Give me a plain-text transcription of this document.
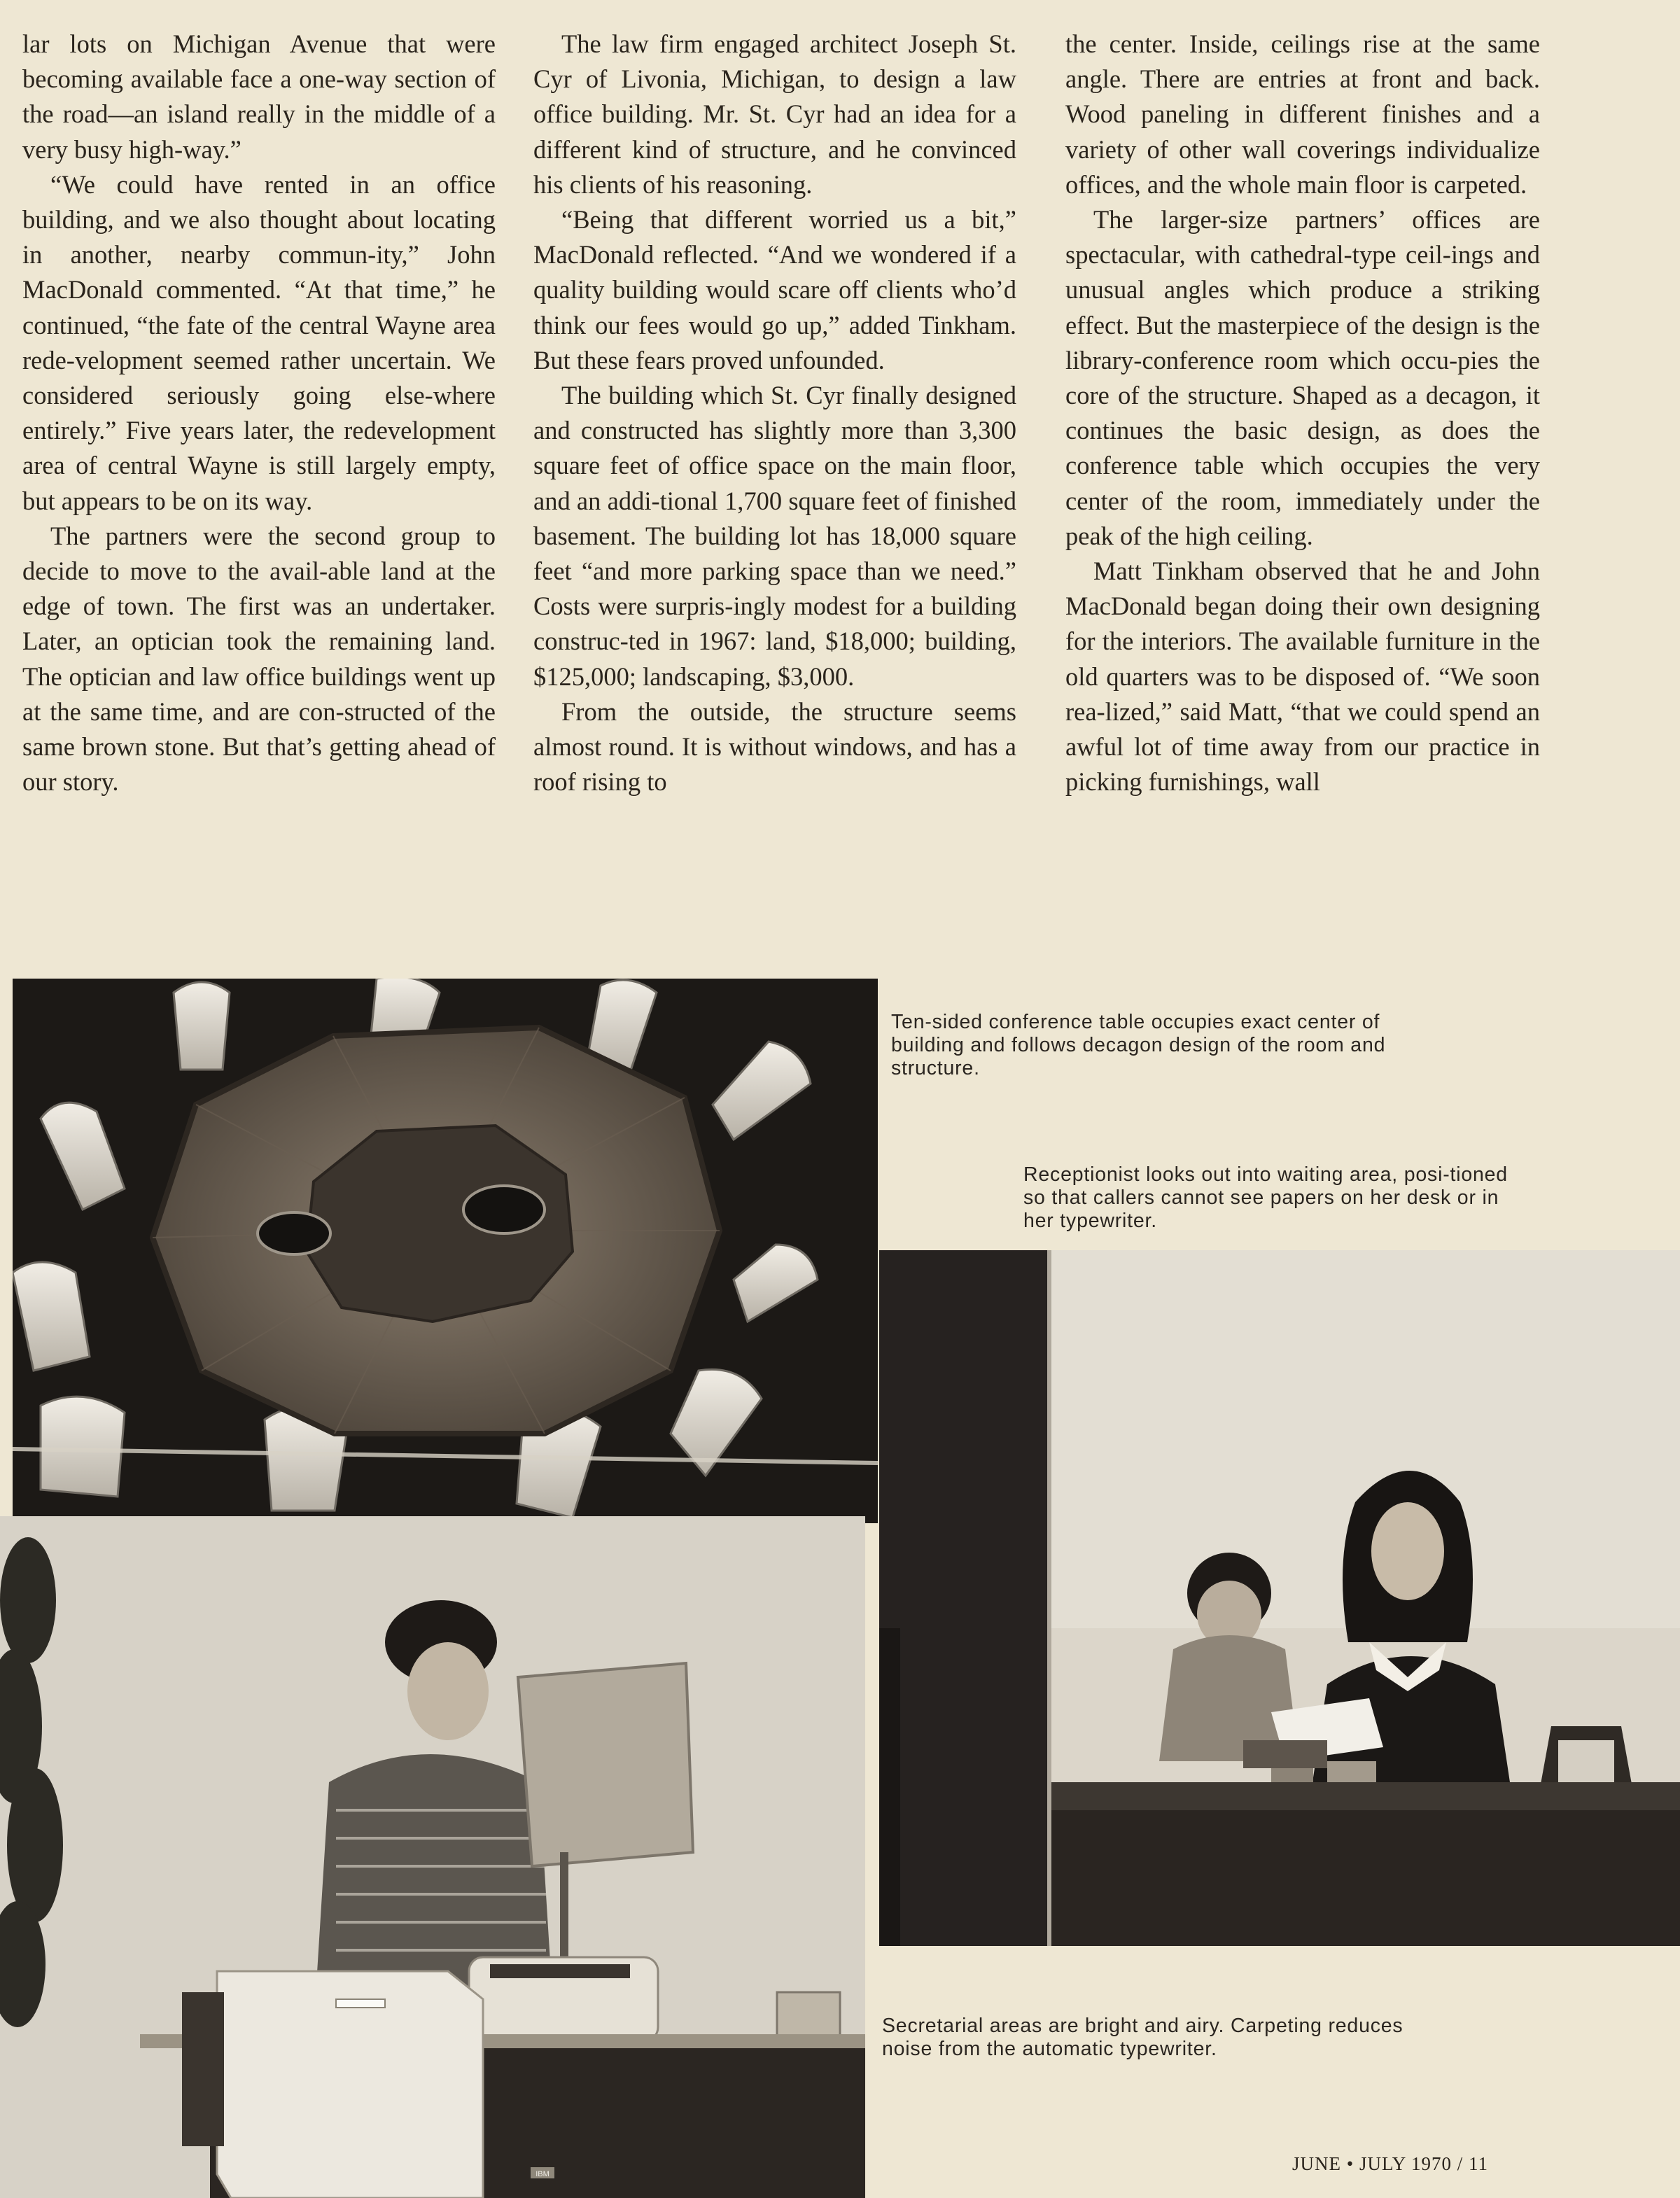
lar lots on Michigan Avenue that were becoming available face a one-way section of the road—an island really in the middle of a very busy high-way.”

“We could have rented in an office building, and we also thought about locating in another, nearby commun-ity,” John MacDonald commented. “At that time,” he continued, “the fate of the central Wayne area rede-velopment seemed rather uncertain. We considered seriously going else-where entirely.” Five years later, the redevelopment area of central Wayne is still largely empty, but appears to be on its way.

The partners were the second group to decide to move to the avail-able land at the edge of town. The first was an undertaker. Later, an optician took the remaining land. The optician and law office buildings went up at the same time, and are con-structed of the same brown stone. But that’s getting ahead of our story.

The law firm engaged architect Joseph St. Cyr of Livonia, Michigan, to design a law office building. Mr. St. Cyr had an idea for a different kind of structure, and he convinced his clients of his reasoning.

“Being that different worried us a bit,” MacDonald reflected. “And we wondered if a quality building would scare off clients who’d think our fees would go up,” added Tinkham. But these fears proved unfounded.

The building which St. Cyr finally designed and constructed has slightly more than 3,300 square feet of office space on the main floor, and an addi-tional 1,700 square feet of finished basement. The building lot has 18,000 square feet “and more parking space than we need.” Costs were surpris-ingly modest for a building construc-ted in 1967: land, $18,000; building, $125,000; landscaping, $3,000.

From the outside, the structure seems almost round. It is without windows, and has a roof rising to

the center. Inside, ceilings rise at the same angle. There are entries at front and back. Wood paneling in different finishes and a variety of other wall coverings individualize offices, and the whole main floor is carpeted.

The larger-size partners’ offices are spectacular, with cathedral-type ceil-ings and unusual angles which produce a striking effect. But the masterpiece of the design is the library-conference room which occu-pies the core of the structure. Shaped as a decagon, it continues the basic design, as does the conference table which occupies the very center of the room, immediately under the peak of the high ceiling.

Matt Tinkham observed that he and John MacDonald began doing their own designing for the interiors. The available furniture in the old quarters was to be disposed of. “We soon rea-lized,” said Matt, “that we could spend an awful lot of time away from our practice in picking furnishings, wall

Ten-sided conference table occupies exact center of building and follows decagon design of the room and structure.
Receptionist looks out into waiting area, posi-tioned so that callers cannot see papers on her desk or in her typewriter.
IBM
Secretarial areas are bright and airy. Carpeting reduces noise from the automatic typewriter.
JUNE • JULY 1970 / 11
